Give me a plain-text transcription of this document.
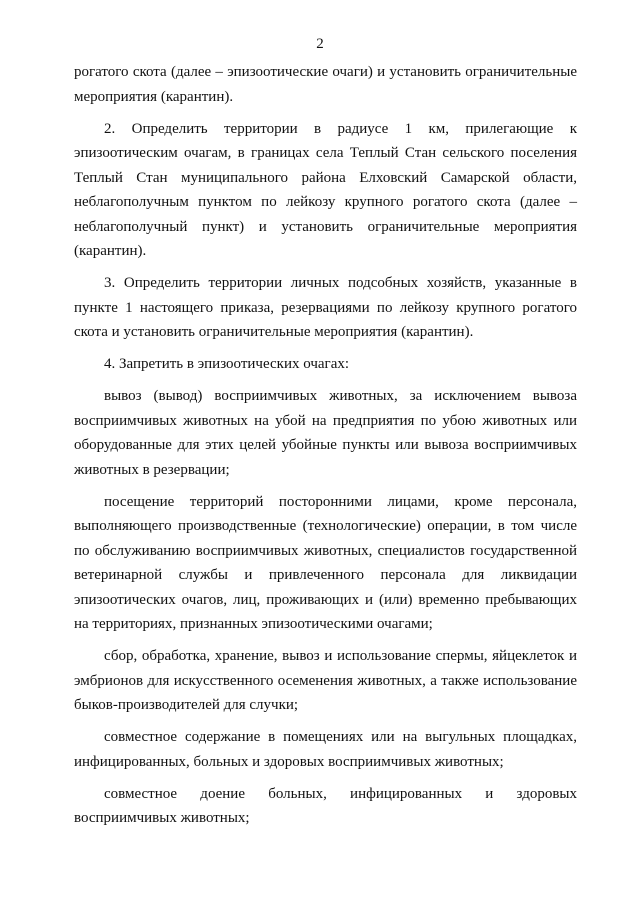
2

рогатого скота (далее – эпизоотические очаги) и установить ограничительные мероприятия (карантин).

2. Определить территории в радиусе 1 км, прилегающие к эпизоотическим очагам, в границах села Теплый Стан сельского поселения Теплый Стан муниципального района Елховский Самарской области, неблагополучным пунктом по лейкозу крупного рогатого скота (далее – неблагополучный пункт) и установить ограничительные мероприятия (карантин).

3. Определить территории личных подсобных хозяйств, указанные в пункте 1 настоящего приказа, резервациями по лейкозу крупного рогатого скота и установить ограничительные мероприятия (карантин).

4. Запретить в эпизоотических очагах:

вывоз (вывод) восприимчивых животных, за исключением вывоза восприимчивых животных на убой на предприятия по убою животных или оборудованные для этих целей убойные пункты или вывоза восприимчивых животных в резервации;

посещение территорий посторонними лицами, кроме персонала, выполняющего производственные (технологические) операции, в том числе по обслуживанию восприимчивых животных, специалистов государственной ветеринарной службы и привлеченного персонала для ликвидации эпизоотических очагов, лиц, проживающих и (или) временно пребывающих на территориях, признанных эпизоотическими очагами;

сбор, обработка, хранение, вывоз и использование спермы, яйцеклеток и эмбрионов для искусственного осеменения животных, а также использование быков-производителей для случки;

совместное содержание в помещениях или на выгульных площадках, инфицированных, больных и здоровых восприимчивых животных;

совместное доение больных, инфицированных и здоровых восприимчивых животных;
